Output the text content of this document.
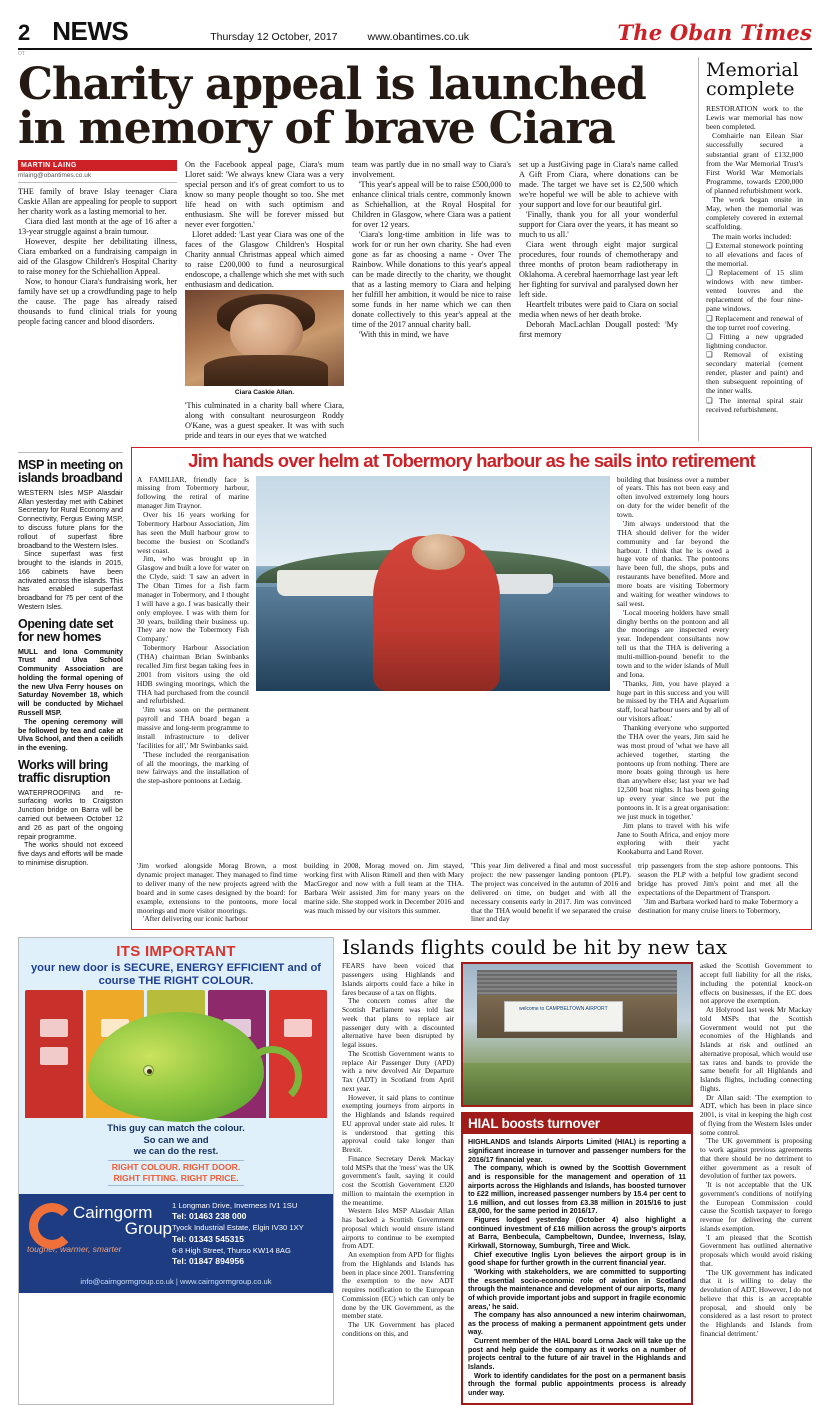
2 NEWS	Thursday 12 October, 2017	www.obantimes.co.uk	The Oban Times
OT
Charity appeal is launched in memory of brave Ciara
MARTIN LAING
mlaing@obantimes.co.uk

THE family of brave Islay teenager Ciara Caskie Allan are appealing for people to support her charity work as a lasting memorial to her.

Ciara died last month at the age of 16 after a 13-year struggle against a brain tumour.

However, despite her debilitating illness, Ciara embarked on a fundraising campaign in aid of the Glasgow Children's Hospital Charity to raise money for the Schiehallion Appeal.

Now, to honour Ciara's fundraising work, her family have set up a crowdfunding page to help the cause. The page has already raised thousands to fund clinical trials for young people facing cancer and blood disorders.

On the Facebook appeal page, Ciara's mum Lloret said: 'We always knew Ciara was a very special person and it's of great comfort to us to know so many people thought so too. She met life head on with such optimism and enthusiasm. She will be forever missed but never ever forgotten.'

Lloret added: 'Last year Ciara was one of the faces of the Glasgow Children's Hospital Charity annual Christmas appeal which aimed to raise £200,000 to fund a neurosurgical endoscope, a challenge which she met with such enthusiasm and dedication.

Ciara Caskie Allan.

'This culminated in a charity ball where Ciara, along with consultant neurosurgeon Roddy O'Kane, was a guest speaker. It was with such pride and tears in our eyes that we watched

team was partly due in no small way to Ciara's involvement.

'This year's appeal will be to raise £500,000 to enhance clinical trials centre, commonly known as Schiehallion, at the Royal Hospital for Children in Glasgow, where Ciara was a patient for over 12 years.

'Ciara's long-time ambition in life was to work for or run her own charity. She had even gone as far as choosing a name - Over The Rainbow. While donations to this year's appeal can be made directly to the charity, we thought that as a lasting memory to Ciara and helping her fulfill her ambition, it would be nice to raise some funds in her name which we can then donate collectively to this year's appeal at the time of the 2017 annual charity ball.

'With this in mind, we have

set up a JustGiving page in Ciara's name called A Gift From Ciara, where donations can be made. The target we have set is £2,500 which we're hopeful we will be able to achieve with your support and love for our beautiful girl.

'Finally, thank you for all your wonderful support for Ciara over the years, it has meant so much to us all.'

Ciara went through eight major surgical procedures, four rounds of chemotherapy and three months of proton beam radiotherapy in Oklahoma. A cerebral haemorrhage last year left her fighting for survival and paralysed down her left side.

Heartfelt tributes were paid to Ciara on social media when news of her death broke.

Deborah MacLachlan Dougall posted: 'My first memory

Memorial complete

RESTORATION work to the Lewis war memorial has now been completed.

Comhairle nan Eilean Siar successfully secured a substantial grant of £132,000 from the War Memorial Trust's First World War Memorials Programme, towards £200,000 of planned refurbishment work.

The work began onsite in May, when the memorial was completely covered in external scaffolding.

The main works included:

❑ External stonework pointing to all elevations and faces of the memorial.

❑ Replacement of 15 slim windows with new timber-vented louvres and the replacement of the four nine-pane windows.

❑ Replacement and renewal of the top turret roof covering.

❑ Fitting a new upgraded lightning conductor.

❑ Removal of existing secondary material (cement render, plaster and paint) and then subsequent repointing of the inner walls.

❑ The internal spiral stair received refurbishment.

MSP in meeting on islands broadband

WESTERN Isles MSP Alasdair Allan yesterday met with Cabinet Secretary for Rural Economy and Connectivity, Fergus Ewing MSP, to discuss future plans for the rollout of superfast fibre broadband to the Western Isles.

Since superfast was first brought to the islands in 2015, 166 cabinets have been activated across the islands. This has enabled superfast broadband for 75 per cent of the Western Isles.

Opening date set for new homes

MULL and Iona Community Trust and Ulva School Community Association are holding the formal opening of the new Ulva Ferry houses on Saturday November 18, which will be conducted by Michael Russell MSP.

The opening ceremony will be followed by tea and cake at Ulva School, and then a ceilidh in the evening.

Works will bring traffic disruption

WATERPROOFING and re-surfacing works to Craigston Junction bridge on Barra will be carried out between October 12 and 26 as part of the ongoing repair programme.

The works should not exceed five days and efforts will be made to minimise disruption.

Jim hands over helm at Tobermory harbour as he sails into retirement

A FAMILIAR, friendly face is missing from Tobermory harbour, following the retiral of marine manager Jim Traynor.

Over his 16 years working for Tobermory Harbour Association, Jim has seen the Mull harbour grow to become the busiest on Scotland's west coast.

Jim, who was brought up in Glasgow and built a love for water on the Clyde, said: 'I saw an advert in The Oban Times for a fish farm manager in Tobermory, and I thought I will have a go. I was basically their only employee. I was with them for 30 years, building their business up. They are now the Tobermory Fish Company.'

Tobermory Harbour Association (THA) chairman Brian Swinbanks recalled Jim first began taking fees in 2001 from visitors using the old HDB swinging moorings, which the THA had purchased from the council and refurbished.

'Jim was soon on the permanent payroll and THA board began a massive and long-term programme to install infrastructure to deliver 'facilities for all',' Mr Swinbanks said.

'These included the reorganisation of all the moorings, the marking of new fairways and the installation of the step-ashore pontoons at Ledaig.

building that business over a number of years. This has not been easy and often involved extremely long hours on duty for the wider benefit of the town.

'Jim always understood that the THA should deliver for the wider community and far beyond the harbour. I think that he is owed a huge vote of thanks. The pontoons have been full, the shops, pubs and restaurants have benefited. More and more boats are visiting Tobermory and waiting for weather windows to sail west.

'Local mooring holders have small dinghy berths on the pontoon and all the moorings are inspected every year. Independent consultants now tell us that the THA is delivering a multi-million-pound benefit to the town and to the wider islands of Mull and Iona.

'Thanks, Jim, you have played a huge part in this success and you will be missed by the THA and Aquarium staff, local harbour users and by all of our visitors afloat.'

Thanking everyone who supported the THA over the years, Jim said he was most proud of 'what we have all achieved together, starting the pontoons up from nothing. There are more boats going through us here than anywhere else; last year we had 12,500 boat nights. It has been going up every year since we put the pontoons in. It is a great organisation: we just muck in together.'

Jim plans to travel with his wife Jane to South Africa, and enjoy more exploring with their yacht Kookaburra and Land Rover.

'Jim worked alongside Morag Brown, a most dynamic project manager. They managed to find time to deliver many of the new projects agreed with the board and in some cases designed by the board: for example, extensions to the pontoons, more local moorings and more visitor moorings.

'After delivering our iconic harbour

building in 2008, Morag moved on. Jim stayed, working first with Alison Rimell and then with Mary MacGregor and now with a full team at the THA. Barbara Weir assisted Jim for many years on the marine side. She stopped work in December 2016 and was much missed by our visitors this summer.

'This year Jim delivered a final and most successful project: the new passenger landing pontoon (PLP). The project was conceived in the autumn of 2016 and delivered on time, on budget and with all the necessary consents early in 2017. Jim was convinced that the THA would benefit if we separated the cruise liner and day

trip passengers from the step ashore pontoons. This season the PLP with a helpful low gradient second bridge has proved Jim's point and met all the expectations of the Department of Transport.

'Jim and Barbara worked hard to make Tobermory a destination for many cruise liners to Tobermory,

ITS IMPORTANT
your new door is SECURE, ENERGY EFFICIENT and of course THE RIGHT COLOUR.
This guy can match the colour.
So can we and
we can do the rest.
RIGHT COLOUR. RIGHT DOOR.
RIGHT FITTING. RIGHT PRICE.
Cairngorm
Group
tougher, warmer, smarter
1 Longman Drive, Inverness IV1 1SU
Tel: 01463 238 000
Tyock Industrial Estate, Elgin IV30 1XY
Tel: 01343 545315
6-8 High Street, Thurso KW14 8AG
Tel: 01847 894956
info@cairngormgroup.co.uk | www.cairngormgroup.co.uk
Islands flights could be hit by new tax

FEARS have been voiced that passengers using Highlands and Islands airports could face a hike in fares because of a tax on flights.

The concern comes after the Scottish Parliament was told last week that plans to replace air passenger duty with a discounted alternative have been disrupted by legal issues.

The Scottish Government wants to replace Air Passenger Duty (APD) with a new devolved Air Departure Tax (ADT) in Scotland from April next year.

However, it said plans to continue exempting journeys from airports in the Highlands and Islands required EU approval under state aid rules. It is understood that getting this approval could take longer than Brexit.

Finance Secretary Derek Mackay told MSPs that the 'mess' was the UK government's fault, saying it could cost the Scottish Government £320 million to maintain the exemption in the meantime.

Western Isles MSP Alasdair Allan has backed a Scottish Government proposal which would ensure island airports to continue to be exempted from ADT.

An exemption from APD for flights from the Highlands and Islands has been in place since 2001. Transferring the exemption to the new ADT requires notification to the European Commission (EC) which can only be done by the UK Government, as the member state.

The UK Government has placed conditions on this, and

welcome to CAMPBELTOWN AIRPORT
HIAL boosts turnover

HIGHLANDS and Islands Airports Limited (HIAL) is reporting a significant increase in turnover and passenger numbers for the 2016/17 financial year.

The company, which is owned by the Scottish Government and is responsible for the management and operation of 11 airports across the Highlands and Islands, has boosted turnover to £22 million, increased passenger numbers by 15.4 per cent to 1.6 million, and cut losses from £3.38 million in 2015/16 to just £8,000, for the same period in 2016/17.

Figures lodged yesterday (October 4) also highlight a continued investment of £16 million across the group's airports at Barra, Benbecula, Campbeltown, Dundee, Inverness, Islay, Kirkwall, Stornoway, Sumburgh, Tiree and Wick.

Chief executive Inglis Lyon believes the airport group is in good shape for further growth in the current financial year.

'Working with stakeholders, we are committed to supporting the essential socio-economic role of aviation in Scotland through the maintenance and development of our airports, many of which provide important jobs and support in fragile economic areas,' he said.

The company has also announced a new interim chairwoman, as the process of making a permanent appointment gets under way.

Current member of the HIAL board Lorna Jack will take up the post and help guide the company as it works on a number of projects central to the future of air travel in the Highlands and Islands.

Work to identify candidates for the post on a permanent basis through the formal public appointments process is already under way.

asked the Scottish Government to accept full liability for all the risks, including the potential knock-on effects on businesses, if the EC does not approve the exemption.

At Holyrood last week Mr Mackay told MSPs that the Scottish Government would not put the economies of the Highlands and Islands at risk and outlined an alternative proposal, which would use tax rates and bands to provide the same benefit for all Highlands and Islands flights, including connecting flights.

Dr Allan said: 'The exemption to ADT, which has been in place since 2001, is vital in keeping the high cost of flying from the Western Isles under some control.

'The UK government is proposing to work against previous agreements that there should be no detriment to either government as a result of devolution of further tax powers.

'It is not acceptable that the UK government's conditions of notifying the European Commission could cause the Scottish taxpayer to forego revenue for delivering the current islands exemption.

'I am pleased that the Scottish Government has outlined alternative proposals which would avoid risking that.

'The UK government has indicated that it is willing to delay the devolution of ADT. However, I do not believe that this is an acceptable proposal, and should only be considered as a last resort to protect the Highlands and Islands from financial detriment.'
